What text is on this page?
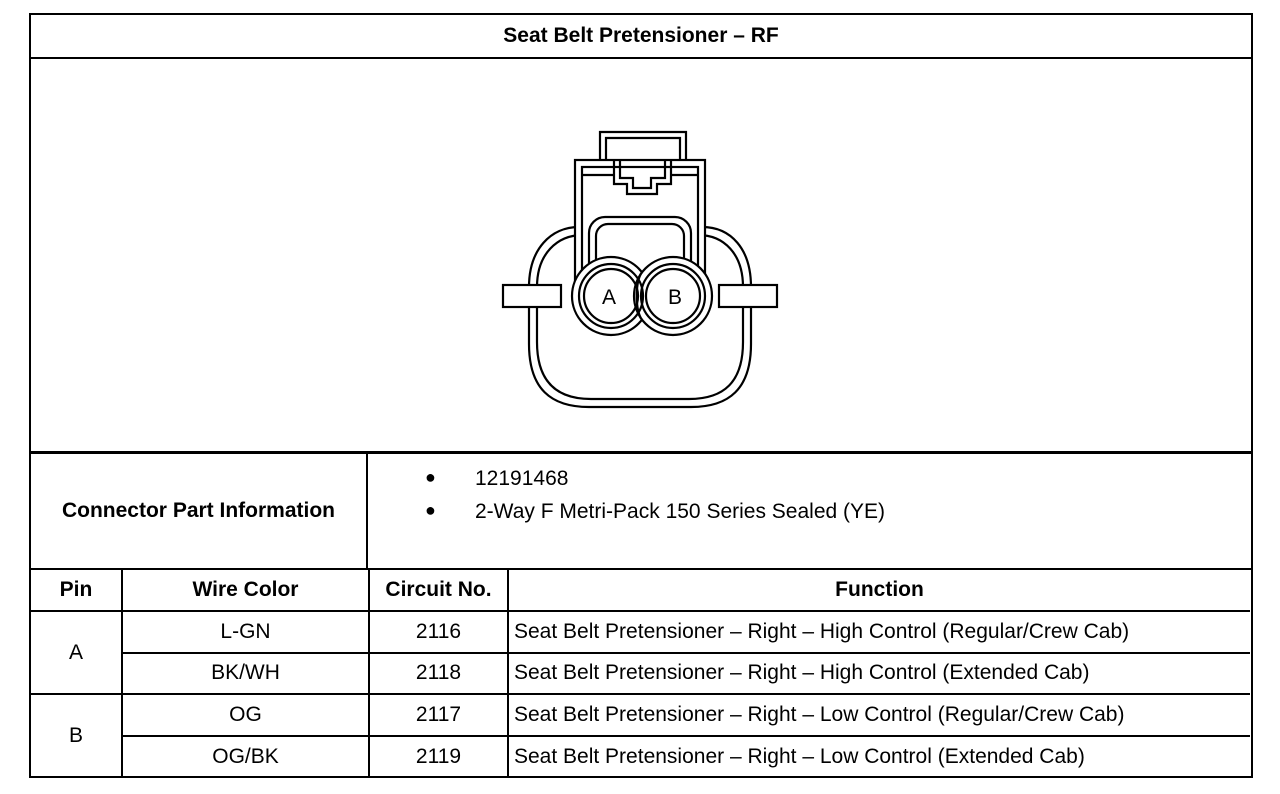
Seat Belt Pretensioner – RF
A B
Connector Part Information
● 12191468
● 2-Way F Metri-Pack 150 Series Sealed (YE)
Pin	Wire Color	Circuit No.	Function
A	L-GN	2116	Seat Belt Pretensioner – Right – High Control (Regular/Crew Cab)
	BK/WH	2118	Seat Belt Pretensioner – Right – High Control (Extended Cab)
B	OG	2117	Seat Belt Pretensioner – Right – Low Control (Regular/Crew Cab)
	OG/BK	2119	Seat Belt Pretensioner – Right – Low Control (Extended Cab)
